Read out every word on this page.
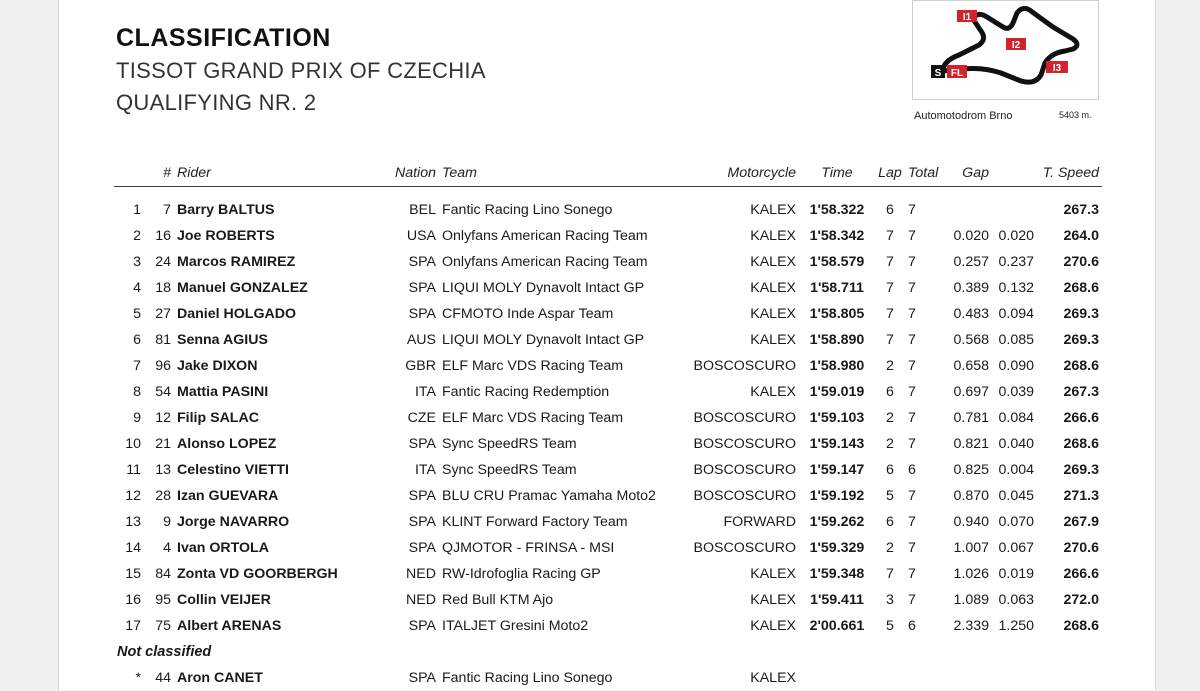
CLASSIFICATION
TISSOT GRAND PRIX OF CZECHIA
QUALIFYING NR. 2
I1
I2
I3
S FL
Automotodrom Brno	5403 m.
	#	Rider	Nation	Team	Motorcycle	Time	Lap	Total	Gap		T. Speed

1	7	Barry BALTUS	BEL	Fantic Racing Lino Sonego	KALEX	1'58.322	6	7			267.3
2	16	Joe ROBERTS	USA	Onlyfans American Racing Team	KALEX	1'58.342	7	7	0.020	0.020	264.0
3	24	Marcos RAMIREZ	SPA	Onlyfans American Racing Team	KALEX	1'58.579	7	7	0.257	0.237	270.6
4	18	Manuel GONZALEZ	SPA	LIQUI MOLY Dynavolt Intact GP	KALEX	1'58.711	7	7	0.389	0.132	268.6
5	27	Daniel HOLGADO	SPA	CFMOTO Inde Aspar Team	KALEX	1'58.805	7	7	0.483	0.094	269.3
6	81	Senna AGIUS	AUS	LIQUI MOLY Dynavolt Intact GP	KALEX	1'58.890	7	7	0.568	0.085	269.3
7	96	Jake DIXON	GBR	ELF Marc VDS Racing Team	BOSCOSCURO	1'58.980	2	7	0.658	0.090	268.6
8	54	Mattia PASINI	ITA	Fantic Racing Redemption	KALEX	1'59.019	6	7	0.697	0.039	267.3
9	12	Filip SALAC	CZE	ELF Marc VDS Racing Team	BOSCOSCURO	1'59.103	2	7	0.781	0.084	266.6
10	21	Alonso LOPEZ	SPA	Sync SpeedRS Team	BOSCOSCURO	1'59.143	2	7	0.821	0.040	268.6
11	13	Celestino VIETTI	ITA	Sync SpeedRS Team	BOSCOSCURO	1'59.147	6	6	0.825	0.004	269.3
12	28	Izan GUEVARA	SPA	BLU CRU Pramac Yamaha Moto2	BOSCOSCURO	1'59.192	5	7	0.870	0.045	271.3
13	9	Jorge NAVARRO	SPA	KLINT Forward Factory Team	FORWARD	1'59.262	6	7	0.940	0.070	267.9
14	4	Ivan ORTOLA	SPA	QJMOTOR - FRINSA - MSI	BOSCOSCURO	1'59.329	2	7	1.007	0.067	270.6
15	84	Zonta VD GOORBERGH	NED	RW-Idrofoglia Racing GP	KALEX	1'59.348	7	7	1.026	0.019	266.6
16	95	Collin VEIJER	NED	Red Bull KTM Ajo	KALEX	1'59.411	3	7	1.089	0.063	272.0
17	75	Albert ARENAS	SPA	ITALJET Gresini Moto2	KALEX	2'00.661	5	6	2.339	1.250	268.6
Not classified											
*	44	Aron CANET	SPA	Fantic Racing Lino Sonego	KALEX						
